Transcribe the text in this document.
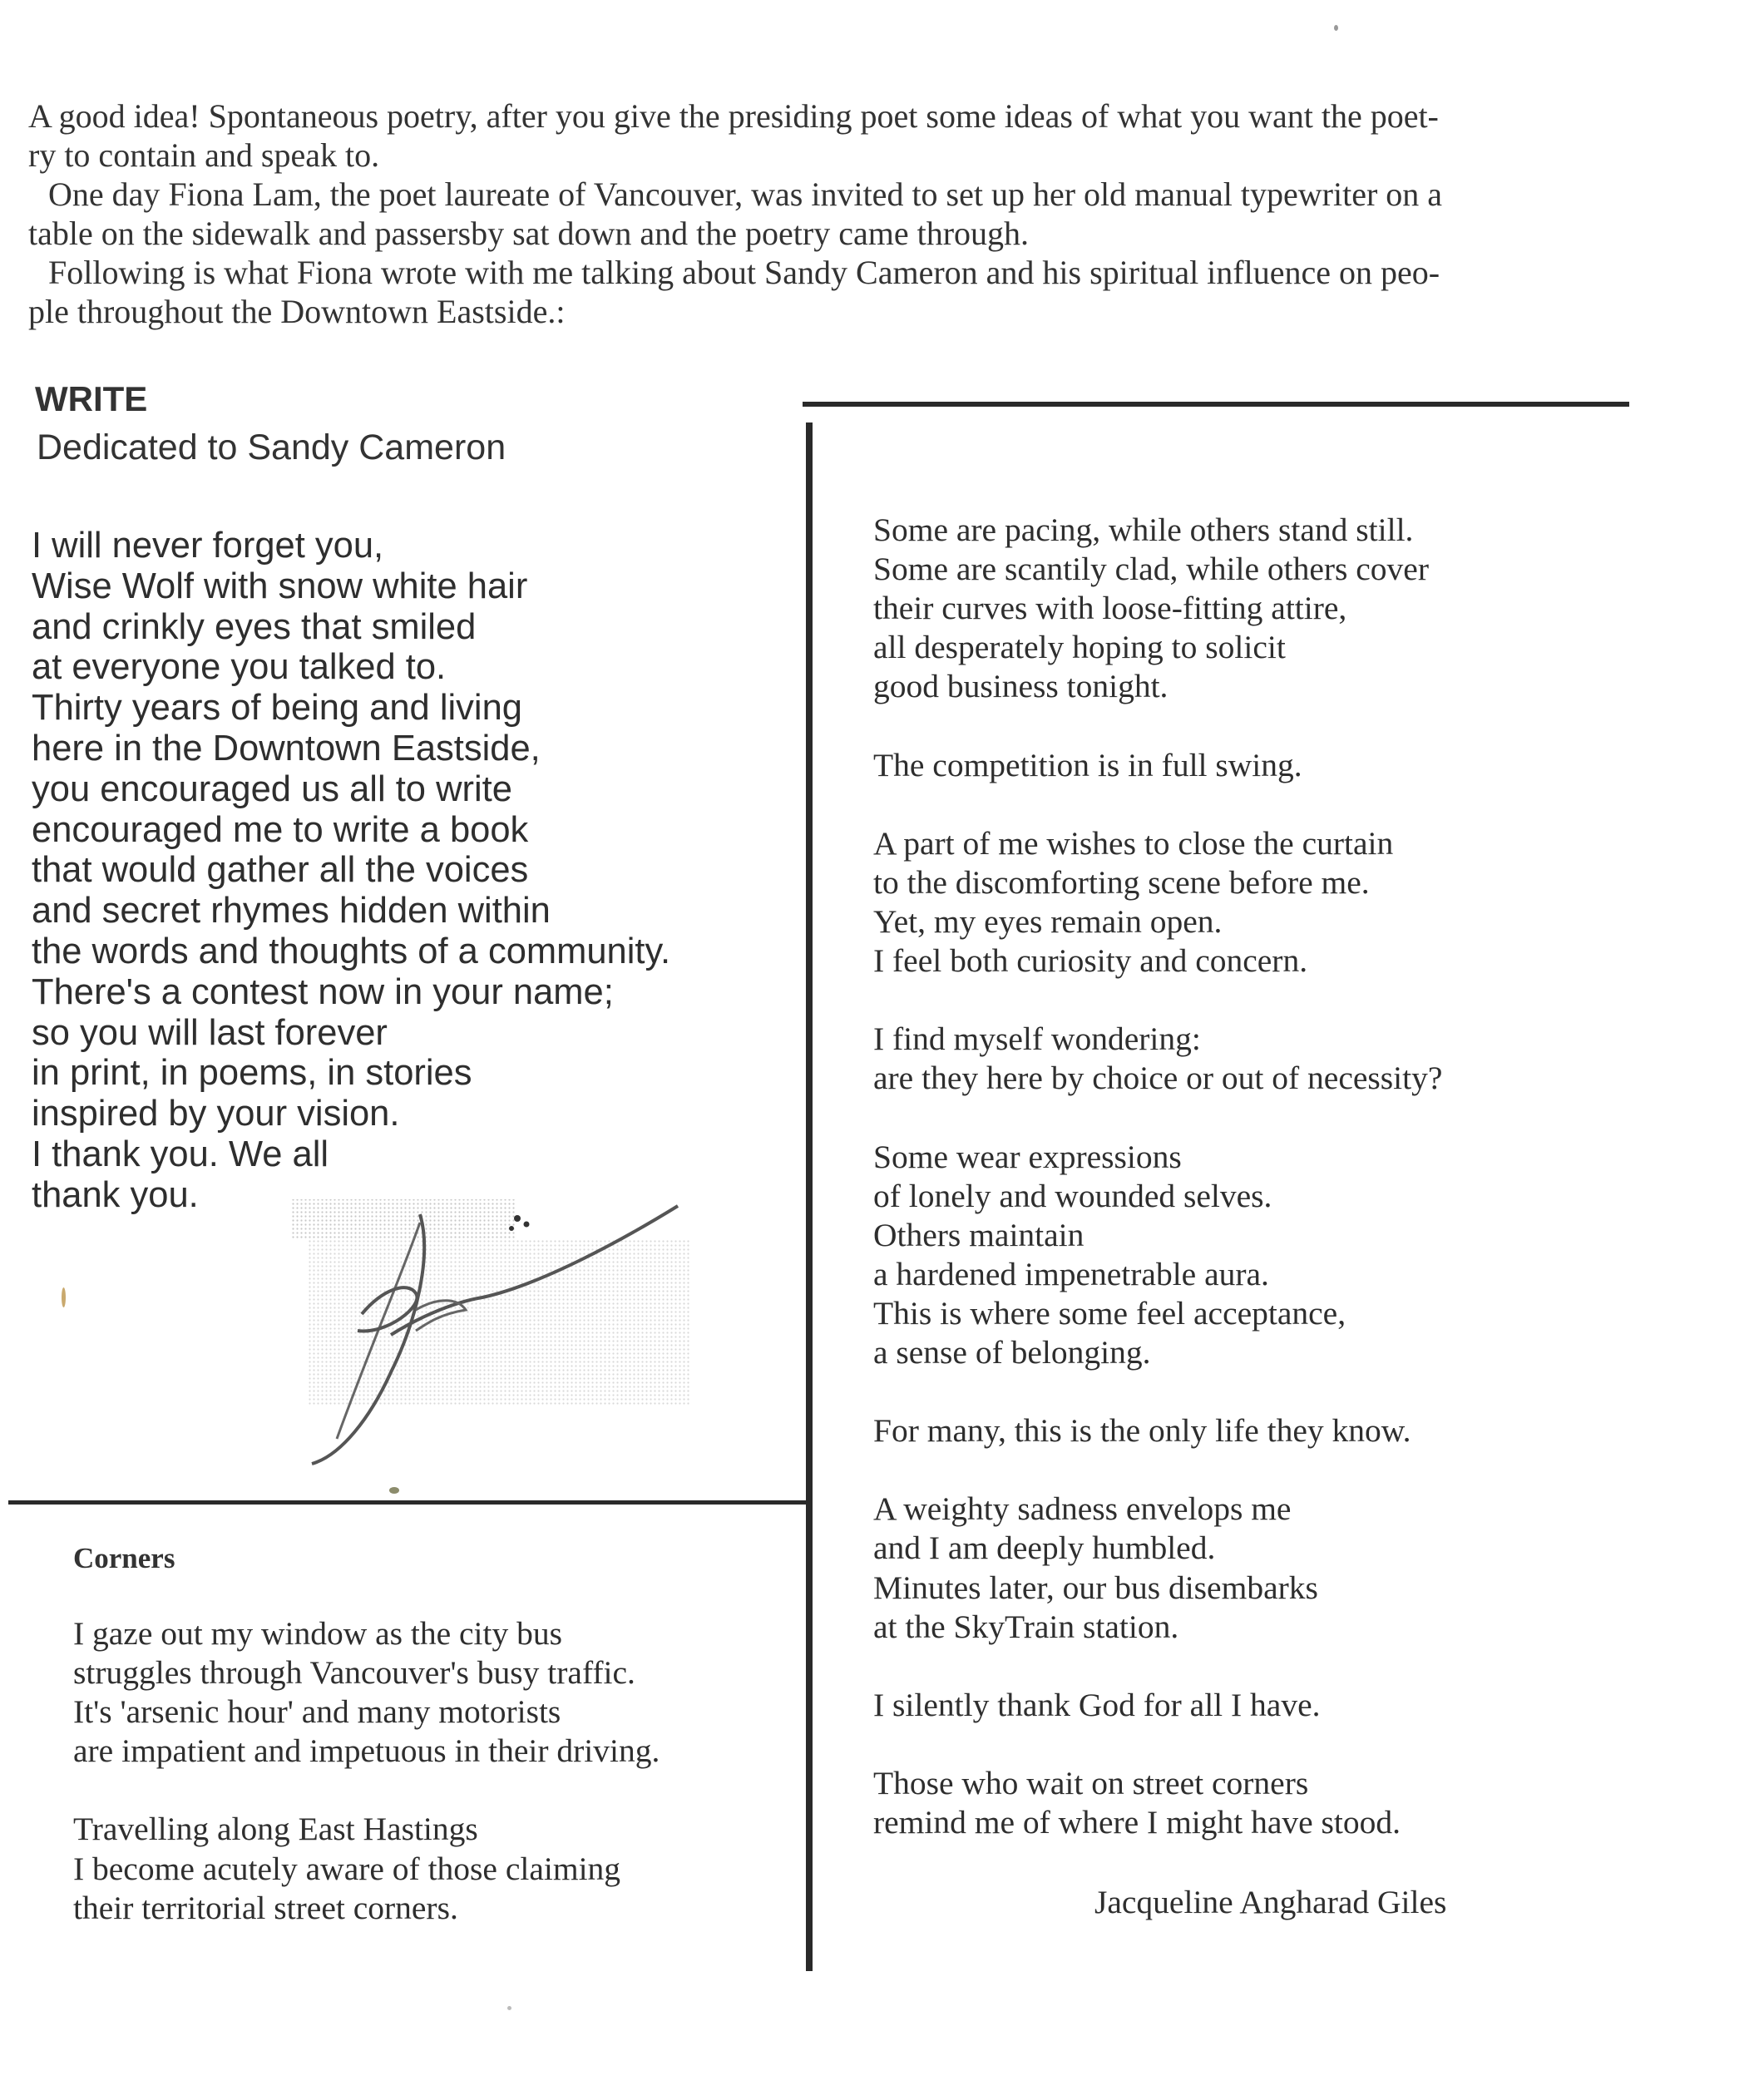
A good idea! Spontaneous poetry, after you give the presiding poet some ideas of what you want the poet-

ry to contain and speak to.

One day Fiona Lam, the poet laureate of Vancouver, was invited to set up her old manual typewriter on a

table on the sidewalk and passersby sat down and the poetry came through.

Following is what Fiona wrote with me talking about Sandy Cameron and his spiritual influence on peo-

ple throughout the Downtown Eastside.:

WRITE
Dedicated to Sandy Cameron
I will never forget you,
Wise Wolf with snow white hair
and crinkly eyes that smiled
at everyone you talked to.
Thirty years of being and living
here in the Downtown Eastside,
you encouraged us all to write
encouraged me to write a book
that would gather all the voices
and secret rhymes hidden within
the words and thoughts of a community.
There's a contest now in your name;
so you will last forever
in print, in poems, in stories
inspired by your vision.
I thank you. We all
thank you.
Corners
I gaze out my window as the city bus
struggles through Vancouver's busy traffic.
It's 'arsenic hour' and many motorists
are impatient and impetuous in their driving.
Travelling along East Hastings
I become acutely aware of those claiming
their territorial street corners.
Some are pacing, while others stand still.
Some are scantily clad, while others cover
their curves with loose-fitting attire,
all desperately hoping to solicit
good business tonight.
The competition is in full swing.
A part of me wishes to close the curtain
to the discomforting scene before me.
Yet, my eyes remain open.
I feel both curiosity and concern.
I find myself wondering:
are they here by choice or out of necessity?
Some wear expressions
of lonely and wounded selves.
Others maintain
a hardened impenetrable aura.
This is where some feel acceptance,
a sense of belonging.
For many, this is the only life they know.
A weighty sadness envelops me
and I am deeply humbled.
Minutes later, our bus disembarks
at the SkyTrain station.
I silently thank God for all I have.
Those who wait on street corners
remind me of where I might have stood.
Jacqueline Angharad Giles
